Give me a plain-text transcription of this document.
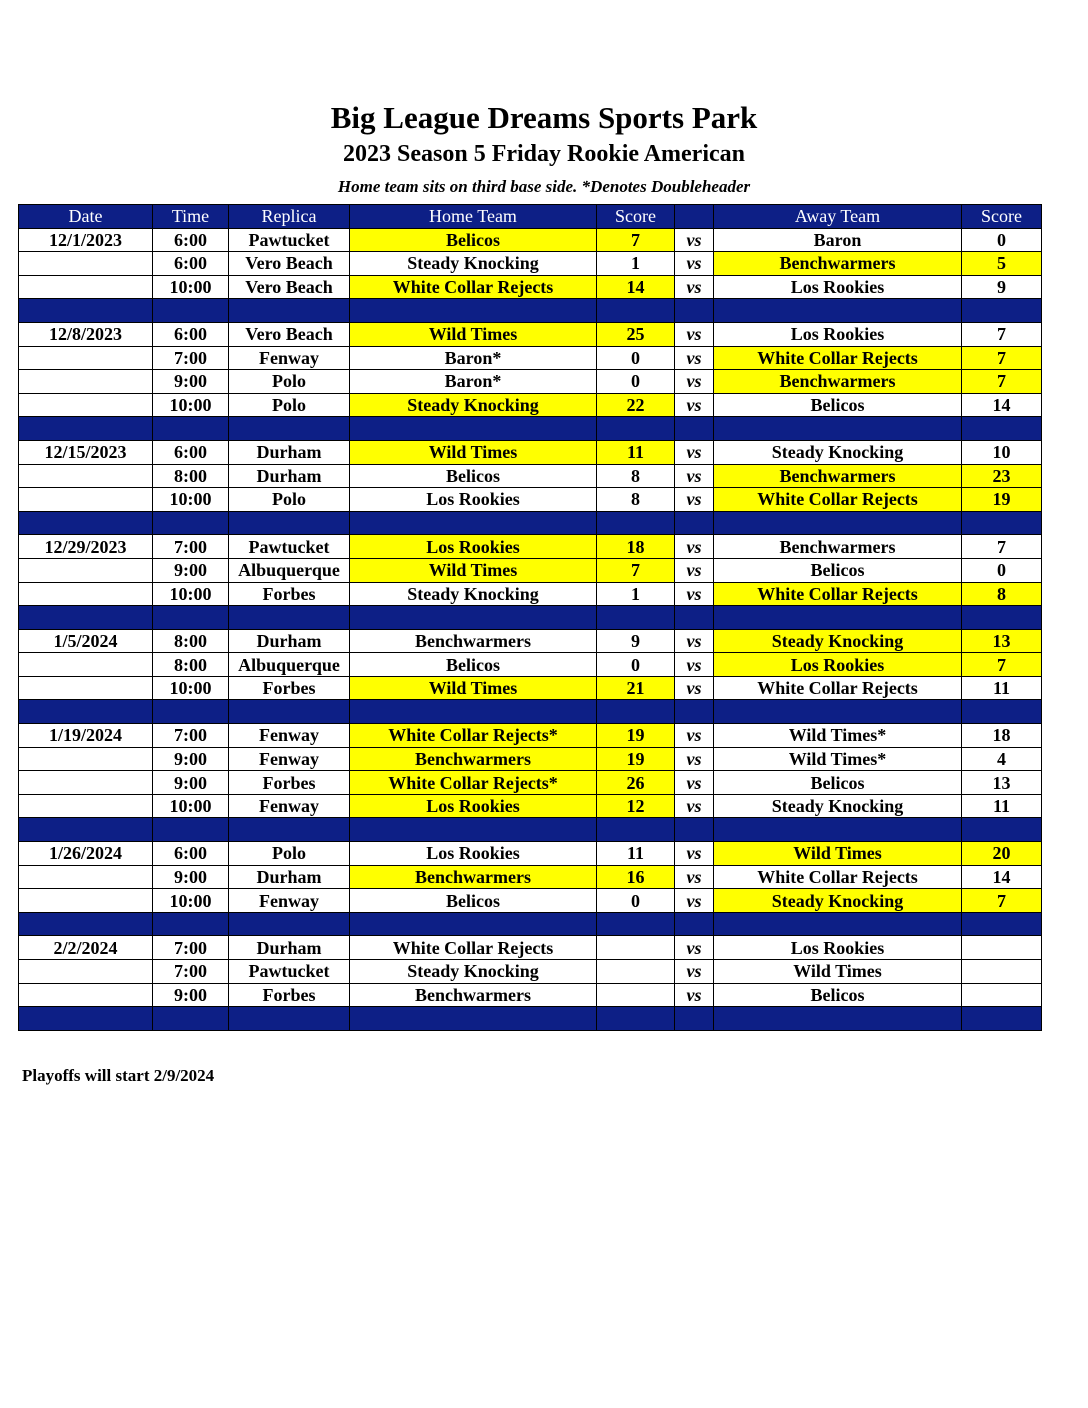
Big League Dreams Sports Park
2023 Season 5 Friday Rookie American
Home team sits on third base side. *Denotes Doubleheader
Date	Time	Replica	Home Team	Score		Away Team	Score
12/1/2023	6:00	Pawtucket	Belicos	7	vs	Baron	0
	6:00	Vero Beach	Steady Knocking	1	vs	Benchwarmers	5
	10:00	Vero Beach	White Collar Rejects	14	vs	Los Rookies	9

12/8/2023	6:00	Vero Beach	Wild Times	25	vs	Los Rookies	7
	7:00	Fenway	Baron*	0	vs	White Collar Rejects	7
	9:00	Polo	Baron*	0	vs	Benchwarmers	7
	10:00	Polo	Steady Knocking	22	vs	Belicos	14

12/15/2023	6:00	Durham	Wild Times	11	vs	Steady Knocking	10
	8:00	Durham	Belicos	8	vs	Benchwarmers	23
	10:00	Polo	Los Rookies	8	vs	White Collar Rejects	19

12/29/2023	7:00	Pawtucket	Los Rookies	18	vs	Benchwarmers	7
	9:00	Albuquerque	Wild Times	7	vs	Belicos	0
	10:00	Forbes	Steady Knocking	1	vs	White Collar Rejects	8

1/5/2024	8:00	Durham	Benchwarmers	9	vs	Steady Knocking	13
	8:00	Albuquerque	Belicos	0	vs	Los Rookies	7
	10:00	Forbes	Wild Times	21	vs	White Collar Rejects	11

1/19/2024	7:00	Fenway	White Collar Rejects*	19	vs	Wild Times*	18
	9:00	Fenway	Benchwarmers	19	vs	Wild Times*	4
	9:00	Forbes	White Collar Rejects*	26	vs	Belicos	13
	10:00	Fenway	Los Rookies	12	vs	Steady Knocking	11

1/26/2024	6:00	Polo	Los Rookies	11	vs	Wild Times	20
	9:00	Durham	Benchwarmers	16	vs	White Collar Rejects	14
	10:00	Fenway	Belicos	0	vs	Steady Knocking	7

2/2/2024	7:00	Durham	White Collar Rejects		vs	Los Rookies	
	7:00	Pawtucket	Steady Knocking		vs	Wild Times	
	9:00	Forbes	Benchwarmers		vs	Belicos	

Playoffs will start 2/9/2024
